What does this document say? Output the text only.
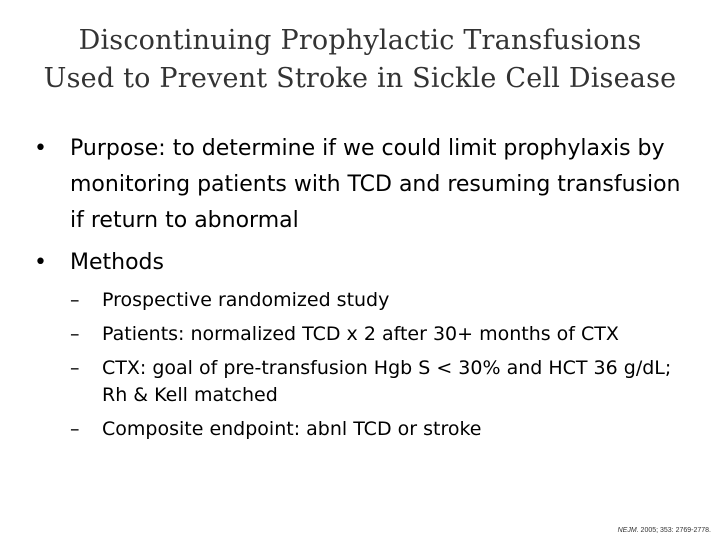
Discontinuing Prophylactic Transfusions
Used to Prevent Stroke in Sickle Cell Disease
•	Purpose: to determine if we could limit prophylaxis by monitoring patients with TCD and resuming transfusion if return to abnormal
•	Methods
– Prospective randomized study
– Patients: normalized TCD x 2 after 30+ months of CTX
– CTX: goal of pre-transfusion Hgb S < 30% and HCT 36 g/dL; Rh & Kell matched
– Composite endpoint: abnl TCD or stroke
NEJM. 2005; 353: 2769-2778.
